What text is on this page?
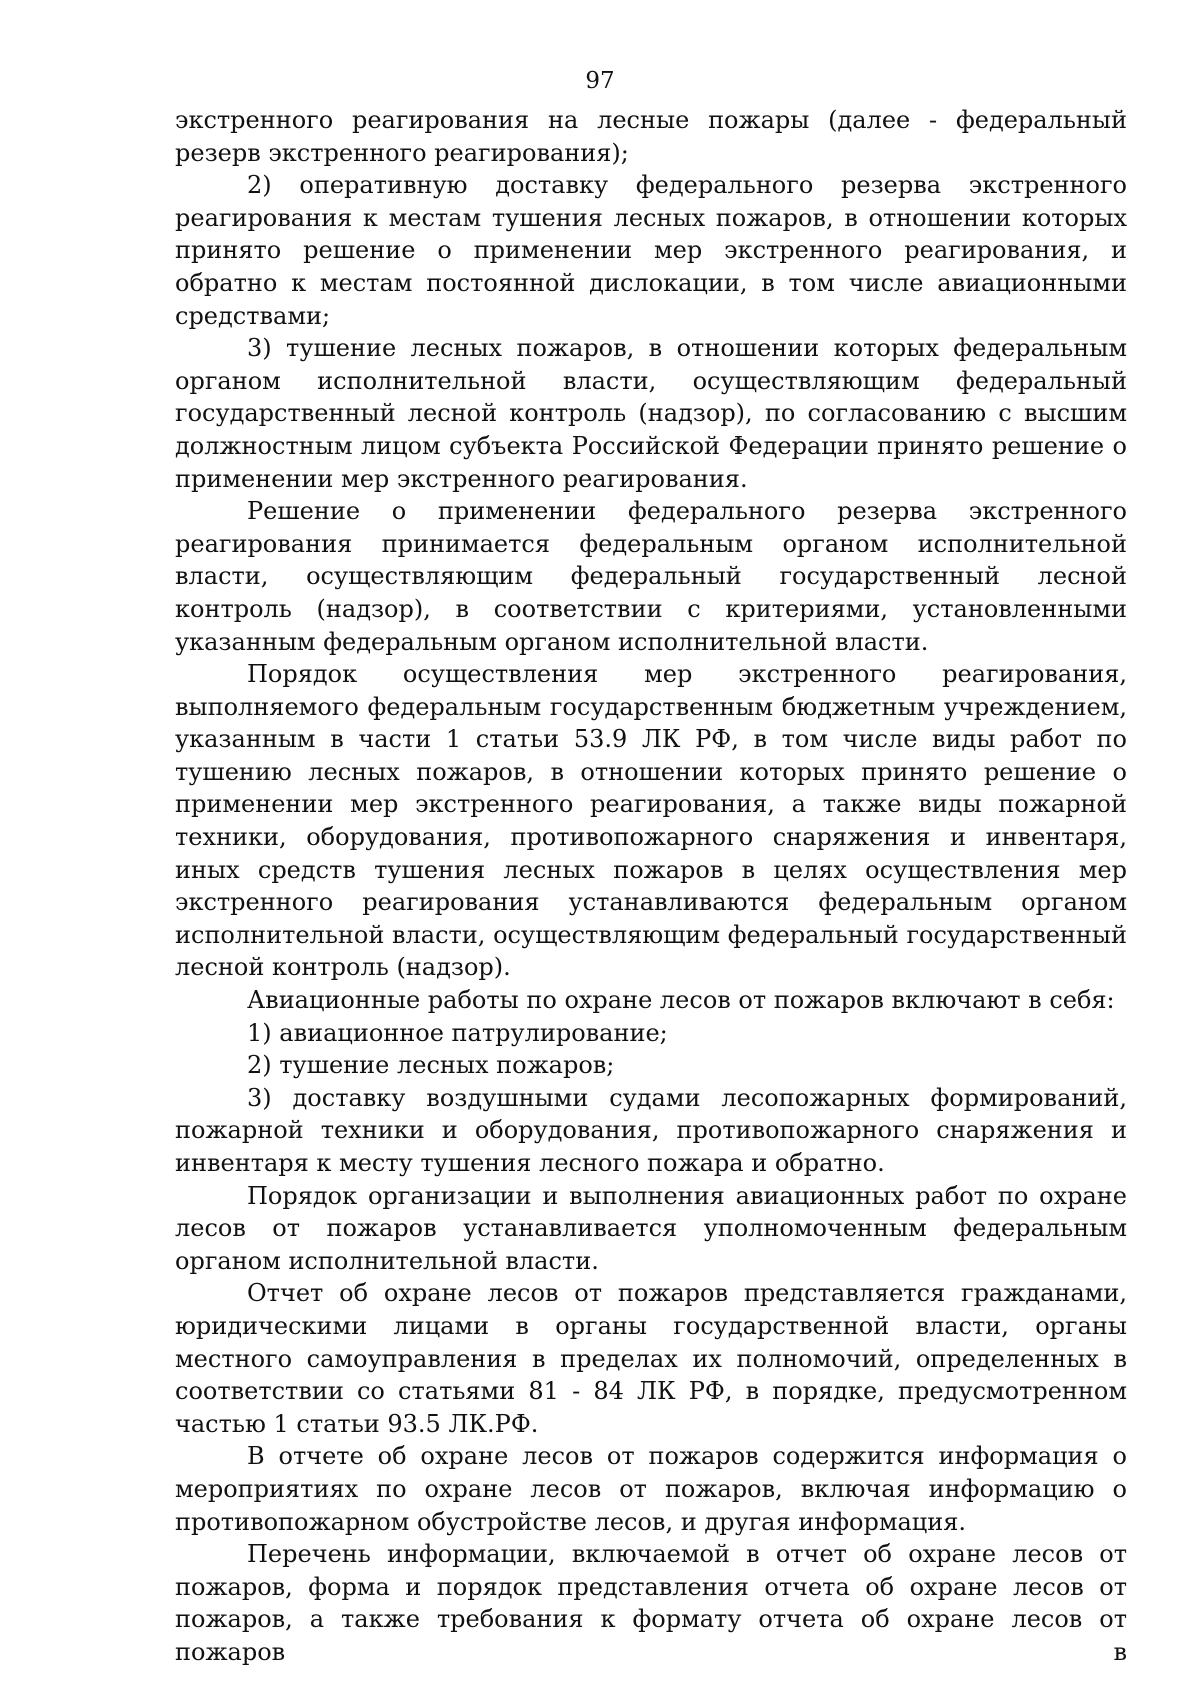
97

экстренного реагирования на лесные пожары (далее - федеральный резерв экстренного реагирования);

2) оперативную доставку федерального резерва экстренного реагирования к местам тушения лесных пожаров, в отношении которых принято решение о применении мер экстренного реагирования, и обратно к местам постоянной дислокации, в том числе авиационными средствами;

3) тушение лесных пожаров, в отношении которых федеральным органом исполнительной власти, осуществляющим федеральный государственный лесной контроль (надзор), по согласованию с высшим должностным лицом субъекта Российской Федерации принято решение о применении мер экстренного реагирования.

Решение о применении федерального резерва экстренного реагирования принимается федеральным органом исполнительной власти, осуществляющим федеральный государственный лесной контроль (надзор), в соответствии с критериями, установленными указанным федеральным органом исполнительной власти.

Порядок осуществления мер экстренного реагирования, выполняемого федеральным государственным бюджетным учреждением, указанным в части 1 статьи 53.9 ЛК РФ, в том числе виды работ по тушению лесных пожаров, в отношении которых принято решение о применении мер экстренного реагирования, а также виды пожарной техники, оборудования, противопожарного снаряжения и инвентаря, иных средств тушения лесных пожаров в целях осуществления мер экстренного реагирования устанавливаются федеральным органом исполнительной власти, осуществляющим федеральный государственный лесной контроль (надзор).

Авиационные работы по охране лесов от пожаров включают в себя:

1) авиационное патрулирование;

2) тушение лесных пожаров;

3) доставку воздушными судами лесопожарных формирований, пожарной техники и оборудования, противопожарного снаряжения и инвентаря к месту тушения лесного пожара и обратно.

Порядок организации и выполнения авиационных работ по охране лесов от пожаров устанавливается уполномоченным федеральным органом исполнительной власти.

Отчет об охране лесов от пожаров представляется гражданами, юридическими лицами в органы государственной власти, органы местного самоуправления в пределах их полномочий, определенных в соответствии со статьями 81 - 84 ЛК РФ, в порядке, предусмотренном частью 1 статьи 93.5 ЛК.РФ.

В отчете об охране лесов от пожаров содержится информация о мероприятиях по охране лесов от пожаров, включая информацию о противопожарном обустройстве лесов, и другая информация.

Перечень информации, включаемой в отчет об охране лесов от пожаров, форма и порядок представления отчета об охране лесов от пожаров, а также требования к формату отчета об охране лесов от пожаров в
